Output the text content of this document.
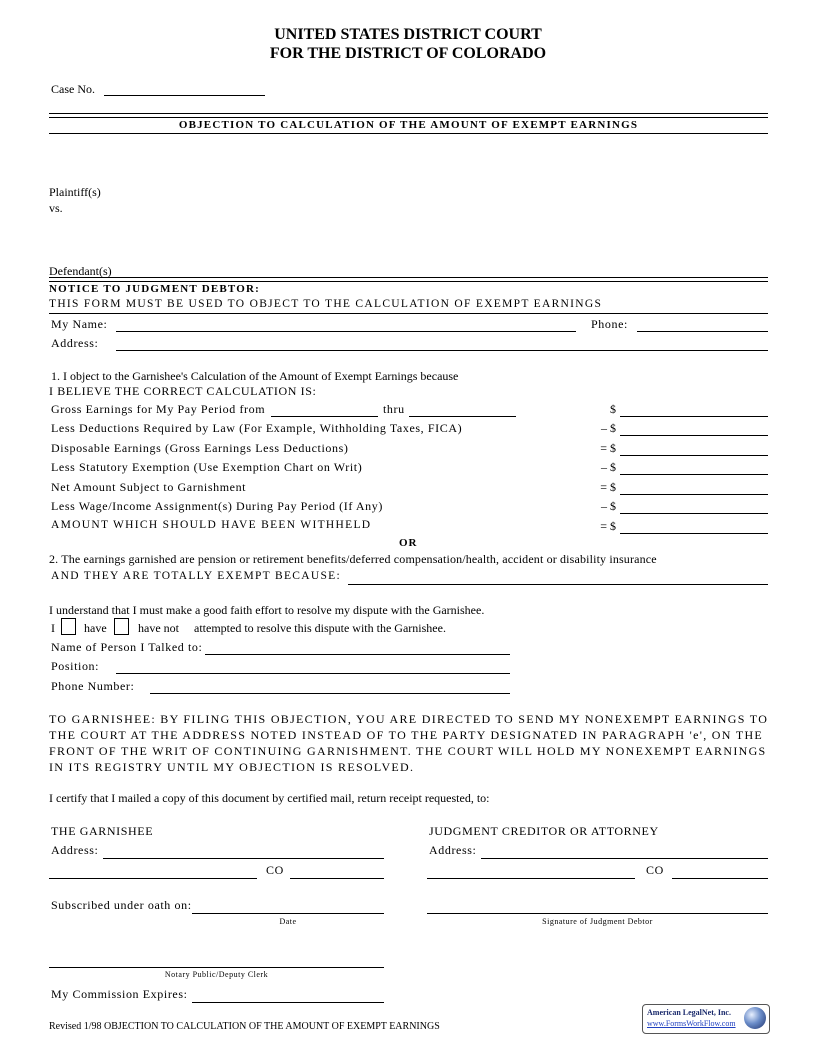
UNITED STATES DISTRICT COURT
FOR THE DISTRICT OF COLORADO
Case No.
OBJECTION TO CALCULATION OF THE AMOUNT OF EXEMPT EARNINGS
Plaintiff(s)
vs.
Defendant(s)
NOTICE TO JUDGMENT DEBTOR:
THIS FORM MUST BE USED TO OBJECT TO THE CALCULATION OF EXEMPT EARNINGS
My Name:	Phone:
Address:
1. I object to the Garnishee's Calculation of the Amount of Exempt Earnings because
I BELIEVE THE CORRECT CALCULATION IS:
Gross Earnings for My Pay Period from	thru	$
Less Deductions Required by Law (For Example, Withholding Taxes, FICA)	– $
Disposable Earnings (Gross Earnings Less Deductions)	= $
Less Statutory Exemption (Use Exemption Chart on Writ)	– $
Net Amount Subject to Garnishment	= $
Less Wage/Income Assignment(s) During Pay Period (If Any)	– $
AMOUNT WHICH SHOULD HAVE BEEN WITHHELD	= $
OR
2. The earnings garnished are pension or retirement benefits/deferred compensation/health, accident or disability insurance
AND THEY ARE TOTALLY EXEMPT BECAUSE:
I understand that I must make a good faith effort to resolve my dispute with the Garnishee.
I have	have not attempted to resolve this dispute with the Garnishee.
Name of Person I Talked to:
Position:
Phone Number:
TO GARNISHEE: BY FILING THIS OBJECTION, YOU ARE DIRECTED TO SEND MY NONEXEMPT EARNINGS TO
THE COURT AT THE ADDRESS NOTED INSTEAD OF TO THE PARTY DESIGNATED IN PARAGRAPH 'e', ON THE
FRONT OF THE WRIT OF CONTINUING GARNISHMENT. THE COURT WILL HOLD MY NONEXEMPT EARNINGS
IN ITS REGISTRY UNTIL MY OBJECTION IS RESOLVED.
I certify that I mailed a copy of this document by certified mail, return receipt requested, to:
THE GARNISHEE
Address:
CO
JUDGMENT CREDITOR OR ATTORNEY
Address:
CO
Subscribed under oath on:
Date	Signature of Judgment Debtor
Notary Public/Deputy Clerk
My Commission Expires:
Revised 1/98 OBJECTION TO CALCULATION OF THE AMOUNT OF EXEMPT EARNINGS
American LegalNet, Inc.
www.FormsWorkFlow.com
